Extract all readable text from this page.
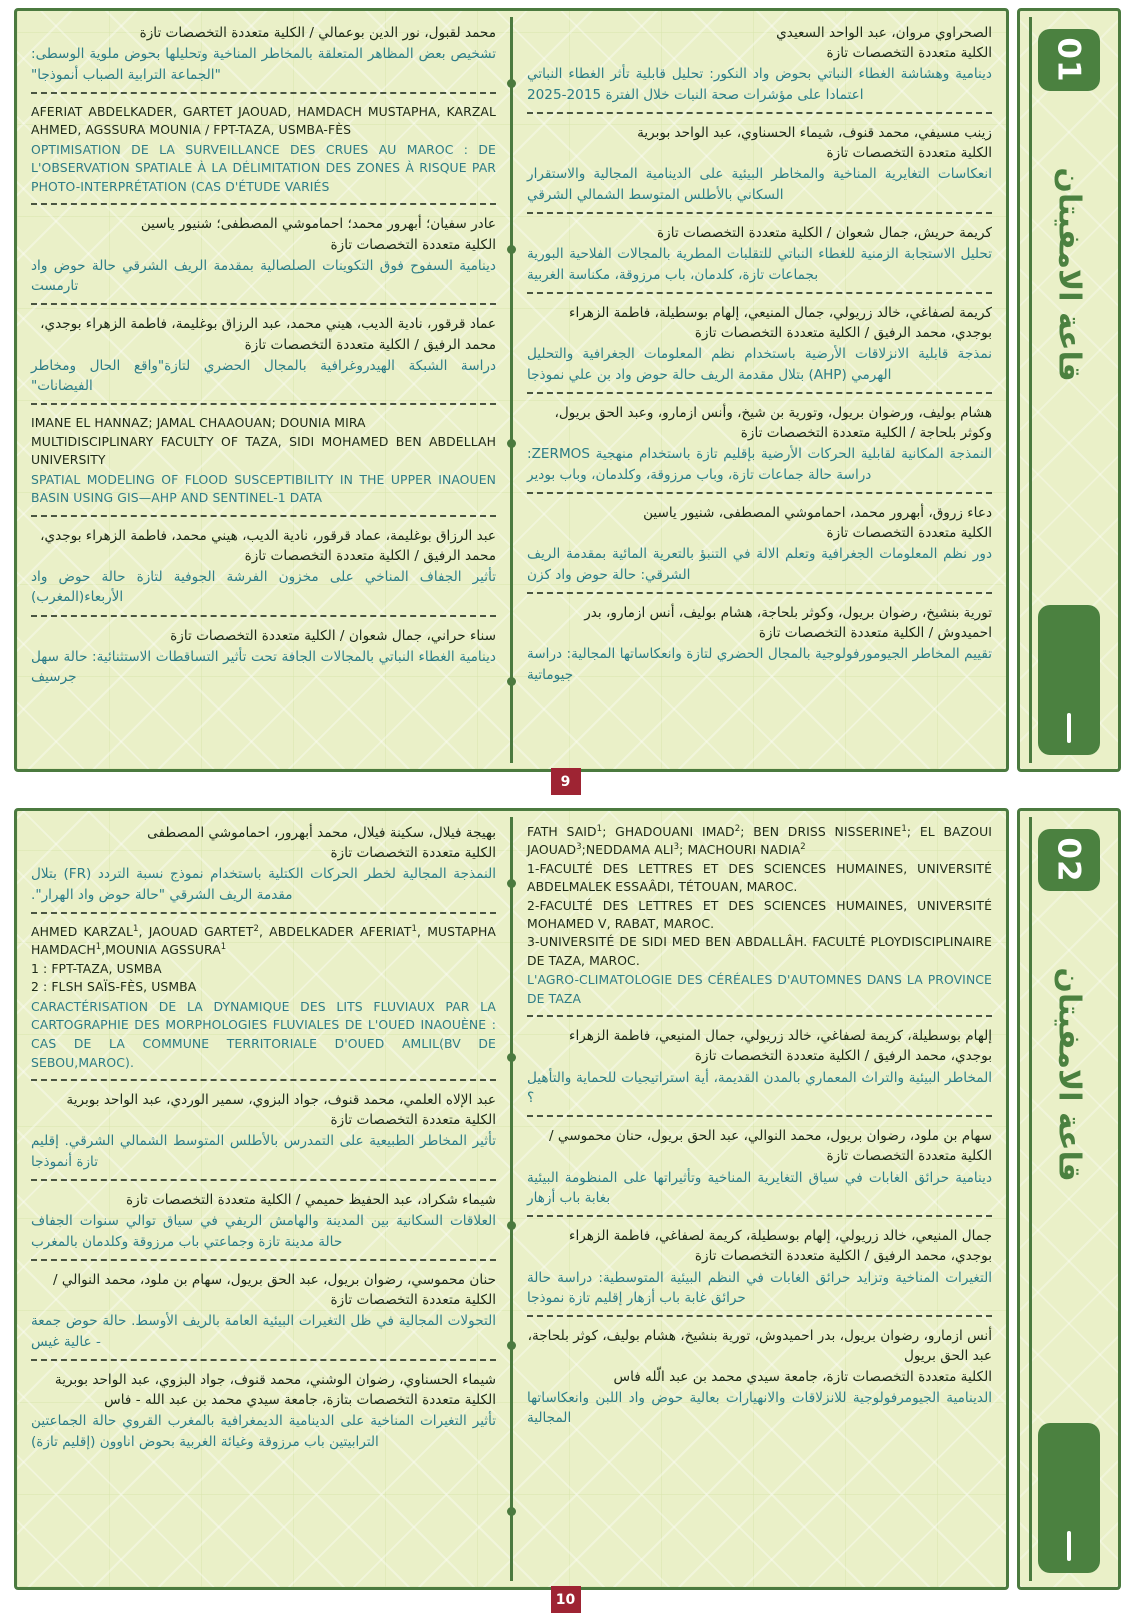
محمد لقبول، نور الدين بوعمالي / الكلية متعددة التخصصات تازة
تشخيص بعض المظاهر المتعلقة بالمخاطر المناخية وتحليلها بحوض ملوية الوسطى: "الجماعة الترابية الصباب أنموذجا"
AFERIAT ABDELKADER, GARTET JAOUAD, HAMDACH MUSTAPHA, KARZAL AHMED, AGSSURA MOUNIA / FPT-TAZA, USMBA-FÈS
OPTIMISATION DE LA SURVEILLANCE DES CRUES AU MAROC : DE L'OBSERVATION SPATIALE À LA DÉLIMITATION DES ZONES À RISQUE PAR PHOTO-INTERPRÉTATION (CAS D'ÉTUDE VARIÉS
عادر سفيان؛ أبهرور محمد؛ احماموشي المصطفى؛ شنيور ياسين
الكلية متعددة التخصصات تازة
دينامية السفوح فوق التكوينات الصلصالية بمقدمة الريف الشرقي حالة حوض واد تارمست
عماد قرقور، نادية الديب، هيني محمد، عبد الرزاق بوغليمة، فاطمة الزهراء بوجدي، محمد الرفيق / الكلية متعددة التخصصات تازة
دراسة الشبكة الهيدروغرافية بالمجال الحضري لتازة"واقع الحال ومخاطر الفيضانات"
IMANE EL HANNAZ; JAMAL CHAAOUAN; DOUNIA MIRA
MULTIDISCIPLINARY FACULTY OF TAZA, SIDI MOHAMED BEN ABDELLAH UNIVERSITY
SPATIAL MODELING OF FLOOD SUSCEPTIBILITY IN THE UPPER INAOUEN BASIN USING GIS—AHP AND SENTINEL-1 DATA
عبد الرزاق بوغليمة، عماد قرقور، نادية الديب، هيني محمد، فاطمة الزهراء بوجدي، محمد الرفيق / الكلية متعددة التخصصات تازة
تأثير الجفاف المناخي على مخزون الفرشة الجوفية لتازة حالة حوض واد الأربعاء(المغرب)
سناء حراني، جمال شعوان / الكلية متعددة التخصصات تازة
دينامية الغطاء النباتي بالمجالات الجافة تحت تأثير التساقطات الاستثنائية: حالة سهل جرسيف
الصحراوي مروان، عبد الواحد السعيدي
الكلية متعددة التخصصات تازة
دينامية وهشاشة الغطاء النباتي بحوض واد النكور: تحليل قابلية تأثر الغطاء النباتي اعتمادا على مؤشرات صحة النبات خلال الفترة 2015-2025
زينب مسيفي، محمد قنوف، شيماء الحسناوي، عبد الواحد بوبرية
الكلية متعددة التخصصات تازة
انعكاسات التغايرية المناخية والمخاطر البيئية على الدينامية المجالية والاستقرار السكاني بالأطلس المتوسط الشمالي الشرقي
كريمة حريش، جمال شعوان / الكلية متعددة التخصصات تازة
تحليل الاستجابة الزمنية للغطاء النباتي للتقلبات المطرية بالمجالات الفلاحية البورية بجماعات تازة، كلدمان، باب مرزوقة، مكناسة الغربية
كريمة لصفاغي، خالد زريولي، جمال المنيعي، إلهام بوسطيلة، فاطمة الزهراء بوجدي، محمد الرفيق / الكلية متعددة التخصصات تازة
نمذجة قابلية الانزلاقات الأرضية باستخدام نظم المعلومات الجغرافية والتحليل الهرمي (AHP) بتلال مقدمة الريف حالة حوض واد بن علي نموذجا
هشام بوليف، ورضوان بريول، وتورية بن شيخ، وأنس ازمارو، وعبد الحق بريول، وكوثر بلحاجة / الكلية متعددة التخصصات تازة
النمذجة المكانية لقابلية الحركات الأرضية بإقليم تازة باستخدام منهجية ZERMOS: دراسة حالة جماعات تازة، وباب مرزوقة، وكلدمان، وباب بودير
دعاء زروق، أبهرور محمد، احماموشي المصطفى، شنيور ياسين
الكلية متعددة التخصصات تازة
دور نظم المعلومات الجغرافية وتعلم الالة في التنبؤ بالتعرية المائية بمقدمة الريف الشرقي: حالة حوض واد كزن
تورية بنشيخ، رضوان بريول، وكوثر بلحاجة، هشام بوليف، أنس ازمارو، بدر احميدوش / الكلية متعددة التخصصات تازة
تقييم المخاطر الجيومورفولوجية بالمجال الحضري لتازة وانعكاساتها المجالية: دراسة جيوماتية
01
قاعة الامفيتان
9
بهيجة فيلال، سكينة فيلال، محمد أبهرور، احماموشي المصطفى
الكلية متعددة التخصصات تازة
النمذجة المجالية لخطر الحركات الكتلية باستخدام نموذج نسبة التردد (FR) بتلال مقدمة الريف الشرقي "حالة حوض واد الهرار".
AHMED KARZAL$^1$, JAOUAD GARTET$^2$, ABDELKADER AFERIAT$^1$, MUSTAPHA HAMDACH$^1$,MOUNIA AGSSURA$^1$
1 : FPT-TAZA, USMBA
2 : FLSH SAÏS-FÈS, USMBA
CARACTÉRISATION DE LA DYNAMIQUE DES LITS FLUVIAUX PAR LA CARTOGRAPHIE DES MORPHOLOGIES FLUVIALES DE L'OUED INAOUÈNE : CAS DE LA COMMUNE TERRITORIALE D'OUED AMLIL(BV DE SEBOU,MAROC).
عبد الإلاه العلمي، محمد قنوف، جواد البزوي، سمير الوردي، عبد الواحد بوبرية
الكلية متعددة التخصصات تازة
تأثير المخاطر الطبيعية على التمدرس بالأطلس المتوسط الشمالي الشرقي. إقليم تازة أنموذجا
شيماء شكراد، عبد الحفيظ حميمي / الكلية متعددة التخصصات تازة
العلاقات السكانية بين المدينة والهامش الريفي في سياق توالي سنوات الجفاف حالة مدينة تازة وجماعتي باب مرزوقة وكلدمان بالمغرب
حنان محموسي، رضوان بريول، عبد الحق بريول، سهام بن ملود، محمد النوالي / الكلية متعددة التخصصات تازة
التحولات المجالية في ظل التغيرات البيئية العامة بالريف الأوسط. حالة حوض جمعة - عالية غيس
شيماء الحسناوي، رضوان الوشني، محمد قنوف، جواد البزوي، عبد الواحد بوبرية
الكلية متعددة التخصصات بتازة، جامعة سيدي محمد بن عبد الله - فاس
تأثير التغيرات المناخية على الدينامية الديمغرافية بالمغرب القروي حالة الجماعتين الترابيتين باب مرزوقة وغيائة الغربية بحوض اناوون (إقليم تازة)
FATH SAID$^1$; GHADOUANI IMAD$^2$; BEN DRISS NISSERINE$^1$; EL BAZOUI JAOUAD$^3$;NEDDAMA ALI$^3$; MACHOURI NADIA$^2$
1-FACULTÉ DES LETTRES ET DES SCIENCES HUMAINES, UNIVERSITÉ ABDELMALEK ESSAÂDI, TÉTOUAN, MAROC.
2-FACULTÉ DES LETTRES ET DES SCIENCES HUMAINES, UNIVERSITÉ MOHAMED V, RABAT, MAROC.
3-UNIVERSITÉ DE SIDI MED BEN ABDALLÂH. FACULTÉ PLOYDISCIPLINAIRE DE TAZA, MAROC.
L'AGRO-CLIMATOLOGIE DES CÉRÉALES D'AUTOMNES DANS LA PROVINCE DE TAZA
إلهام بوسطيلة، كريمة لصفاغي، خالد زريولي، جمال المنيعي، فاطمة الزهراء بوجدي، محمد الرفيق / الكلية متعددة التخصصات تازة
المخاطر البيئية والتراث المعماري بالمدن القديمة، أية استراتيجيات للحماية والتأهيل ؟
سهام بن ملود، رضوان بريول، محمد النوالي، عبد الحق بريول، حنان محموسي / الكلية متعددة التخصصات تازة
دينامية حرائق الغابات في سياق التغايرية المناخية وتأثيراتها على المنظومة البيئية بغابة باب أزهار
جمال المنيعي، خالد زريولي، إلهام بوسطيلة، كريمة لصفاغي، فاطمة الزهراء بوجدي، محمد الرفيق / الكلية متعددة التخصصات تازة
التغيرات المناخية وتزايد حرائق الغابات في النظم البيئية المتوسطية: دراسة حالة حرائق غابة باب أزهار إقليم تازة نموذجا
أنس ازمارو، رضوان بريول، بدر احميدوش، تورية بنشيخ، هشام بوليف، كوثر بلحاجة، عبد الحق بريول
الكلية متعددة التخصصات تازة، جامعة سيدي محمد بن عبد الّله فاس
الدينامية الجيومرفولوجية للانزلاقات والانهيارات بعالية حوض واد اللبن وانعكاساتها المجالية
02
قاعة الامفيتان
10
